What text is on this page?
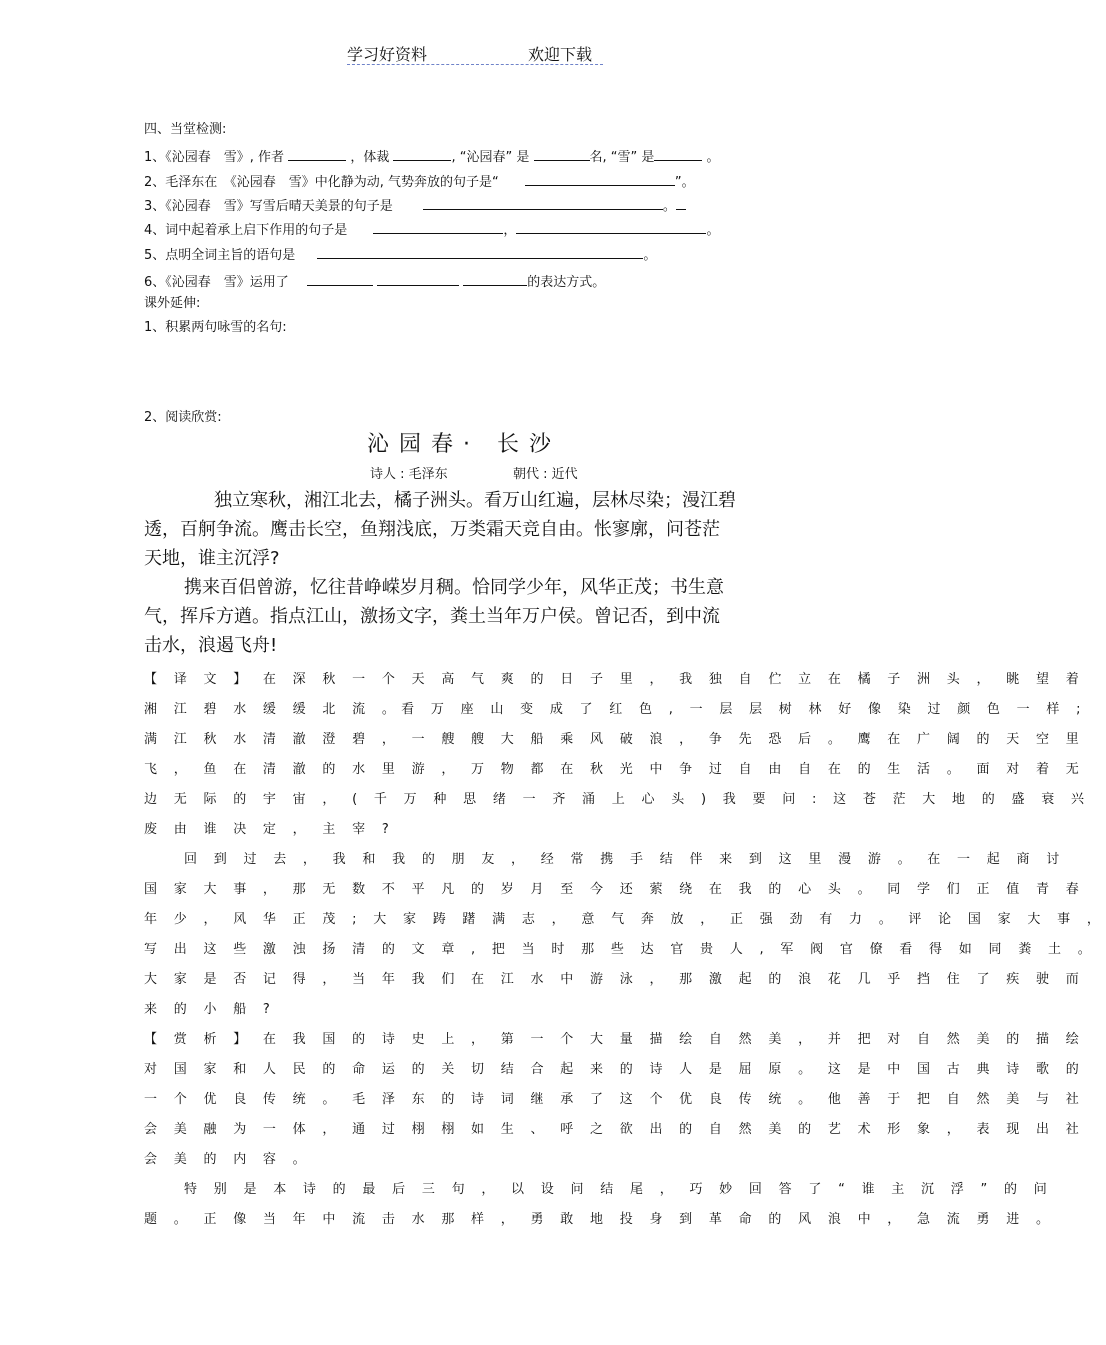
学习好资料	欢迎下载
四、当堂检测:
1、《沁园春　雪》, 作者	，体裁	, “沁园春” 是	名, “雪” 是	。
2、毛泽东在　《沁园春　雪》中化静为动, 气势奔放的句子是“	”。
3、《沁园春　雪》写雪后晴天美景的句子是	。
4、词中起着承上启下作用的句子是	，	。
5、点明全词主旨的语句是	。
6、《沁园春　雪》运用了	的表达方式。
课外延伸:
1、积累两句咏雪的名句:
2、阅读欣赏:
沁园春· 长沙
诗人 : 毛泽东	朝代 : 近代
独立寒秋，湘江北去，橘子洲头。看万山红遍，层林尽染；漫江碧
透，百舸争流。鹰击长空，鱼翔浅底，万类霜天竞自由。怅寥廓，问苍茫
天地，谁主沉浮?
携来百侣曾游，忆往昔峥嵘岁月稠。恰同学少年，风华正茂；书生意
气，挥斥方遒。指点江山，激扬文字，粪土当年万户侯。曾记否，到中流
击水，浪遏飞舟!
【 译 文 】 在 深 秋 一 个 天 高 气 爽 的 日 子 里 ， 我 独 自 伫 立 在 橘 子 洲 头 ， 眺 望 着
湘 江 碧 水 缓 缓 北 流 。看 万 座 山 变 成 了 红 色 , 一 层 层 树 林 好 像 染 过 颜 色 一 样 ;
满 江 秋 水 清 澈 澄 碧 ， 一 艘 艘 大 船 乘 风 破 浪 ， 争 先 恐 后 。 鹰 在 广 阔 的 天 空 里
飞 ， 鱼 在 清 澈 的 水 里 游 ， 万 物 都 在 秋 光 中 争 过 自 由 自 在 的 生 活 。 面 对 着 无
边 无 际 的 宇 宙 ， ( 千 万 种 思 绪 一 齐 涌 上 心 头 ) 我 要 问 : 这 苍 茫 大 地 的 盛 衰 兴
废 由 谁 决 定 ， 主 宰 ?
回 到 过 去 ， 我 和 我 的 朋 友 ， 经 常 携 手 结 伴 来 到 这 里 漫 游 。 在 一 起 商 讨
国 家 大 事 ， 那 无 数 不 平 凡 的 岁 月 至 今 还 萦 绕 在 我 的 心 头 。 同 学 们 正 值 青 春
年 少 ， 风 华 正 茂 ; 大 家 踌 躇 满 志 ， 意 气 奔 放 ， 正 强 劲 有 力 。 评 论 国 家 大 事 ，
写 出 这 些 激 浊 扬 清 的 文 章 , 把 当 时 那 些 达 官 贵 人 , 军 阀 官 僚 看 得 如 同 粪 土 。
大 家 是 否 记 得 ， 当 年 我 们 在 江 水 中 游 泳 ， 那 激 起 的 浪 花 几 乎 挡 住 了 疾 驶 而
来 的 小 船 ?
【 赏 析 】 在 我 国 的 诗 史 上 ， 第 一 个 大 量 描 绘 自 然 美 ， 并 把 对 自 然 美 的 描 绘
对 国 家 和 人 民 的 命 运 的 关 切 结 合 起 来 的 诗 人 是 屈 原 。 这 是 中 国 古 典 诗 歌 的
一 个 优 良 传 统 。 毛 泽 东 的 诗 词 继 承 了 这 个 优 良 传 统 。 他 善 于 把 自 然 美 与 社
会 美 融 为 一 体 ， 通 过 栩 栩 如 生 、 呼 之 欲 出 的 自 然 美 的 艺 术 形 象 ， 表 现 出 社
会 美 的 内 容 。
特 别 是 本 诗 的 最 后 三 句 ， 以 设 问 结 尾 ， 巧 妙 回 答 了 “ 谁 主 沉 浮 ” 的 问
题 。 正 像 当 年 中 流 击 水 那 样 ， 勇 敢 地 投 身 到 革 命 的 风 浪 中 ， 急 流 勇 进 。
